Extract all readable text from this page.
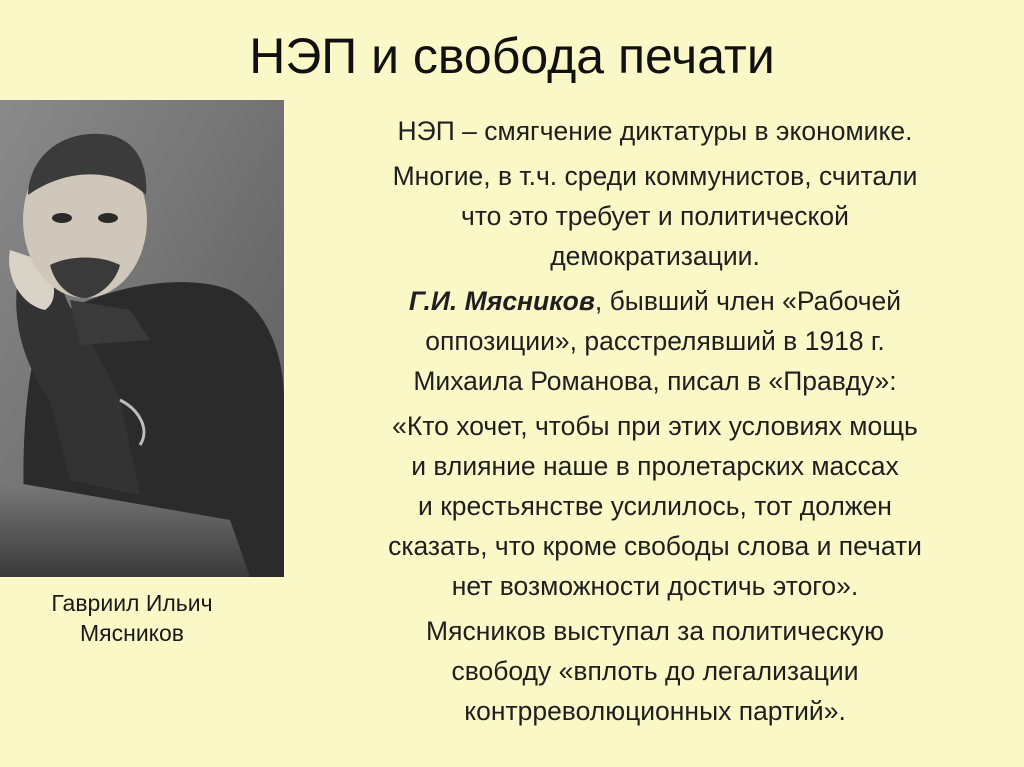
НЭП и свобода печати
Гавриил Ильич
Мясников

НЭП – смягчение диктатуры в экономике.

Многие, в т.ч. среди коммунистов, считали
что это требует и политической
демократизации.

Г.И. Мясников, бывший член «Рабочей
оппозиции», расстрелявший в 1918 г.
Михаила Романова, писал в «Правду»:

«Кто хочет, чтобы при этих условиях мощь
и влияние наше в пролетарских массах
и крестьянстве усилилось, тот должен
сказать, что кроме свободы слова и печати
нет возможности достичь этого».

Мясников выступал за политическую
свободу «вплоть до легализации
контрреволюционных партий».
